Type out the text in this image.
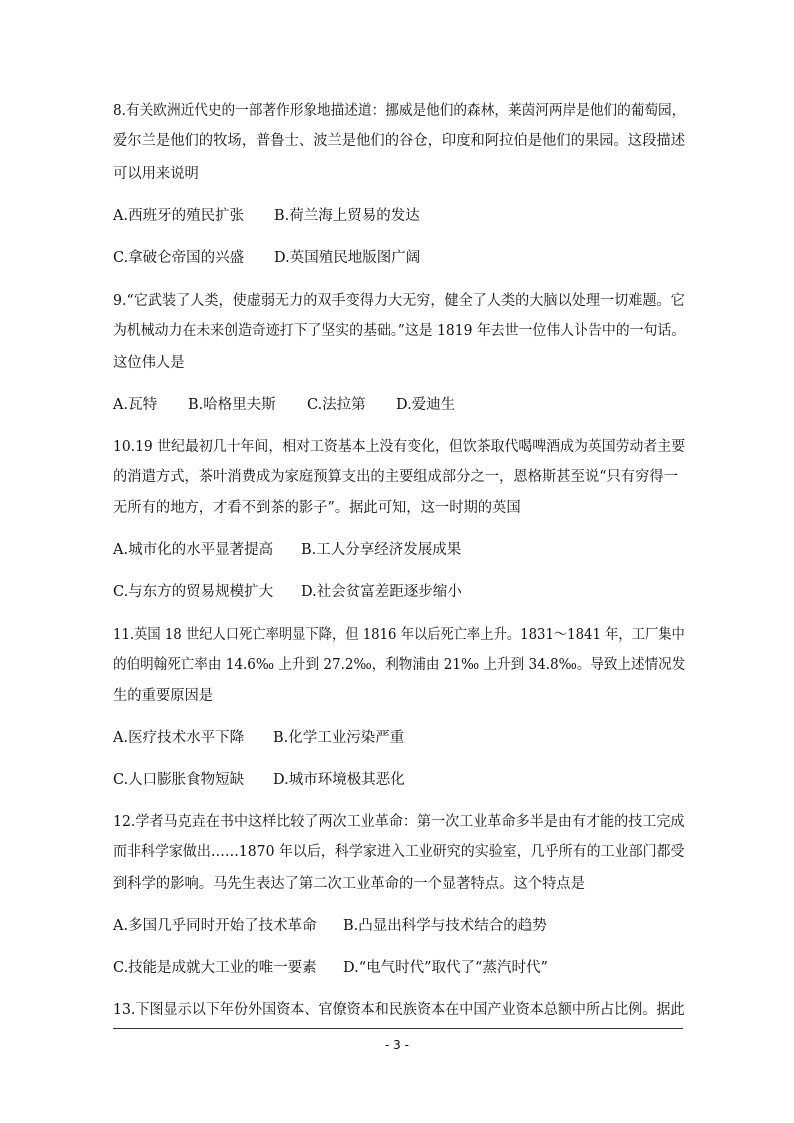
8.有关欧洲近代史的一部著作形象地描述道：挪威是他们的森林，莱茵河两岸是他们的葡萄园，
爱尔兰是他们的牧场，普鲁士、波兰是他们的谷仓，印度和阿拉伯是他们的果园。这段描述
可以用来说明
A.西班牙的殖民扩张 B.荷兰海上贸易的发达
C.拿破仑帝国的兴盛 D.英国殖民地版图广阔
9.“它武装了人类，使虚弱无力的双手变得力大无穷，健全了人类的大脑以处理一切难题。它
为机械动力在未来创造奇迹打下了坚实的基础。”这是 1819 年去世一位伟人讣告中的一句话。
这位伟人是
A.瓦特 B.哈格里夫斯 C.法拉第 D.爱迪生
10.19 世纪最初几十年间，相对工资基本上没有变化，但饮茶取代喝啤酒成为英国劳动者主要
的消遣方式，茶叶消费成为家庭预算支出的主要组成部分之一，恩格斯甚至说“只有穷得一
无所有的地方，才看不到茶的影子”。据此可知，这一时期的英国
A.城市化的水平显著提高 B.工人分享经济发展成果
C.与东方的贸易规模扩大 D.社会贫富差距逐步缩小
11.英国 18 世纪人口死亡率明显下降，但 1816 年以后死亡率上升。1831～1841 年，工厂集中
的伯明翰死亡率由 14.6‰ 上升到 27.2‰，利物浦由 21‰ 上升到 34.8‰。导致上述情况发
生的重要原因是
A.医疗技术水平下降 B.化学工业污染严重
C.人口膨胀食物短缺 D.城市环境极其恶化
12.学者马克垚在书中这样比较了两次工业革命：第一次工业革命多半是由有才能的技工完成
而非科学家做出……1870 年以后，科学家进入工业研究的实验室，几乎所有的工业部门都受
到科学的影响。马先生表达了第二次工业革命的一个显著特点。这个特点是
A.多国几乎同时开始了技术革命 B.凸显出科学与技术结合的趋势
C.技能是成就大工业的唯一要素 D.“电气时代”取代了“蒸汽时代”
13.下图显示以下年份外国资本、官僚资本和民族资本在中国产业资本总额中所占比例。据此
- 3 -
